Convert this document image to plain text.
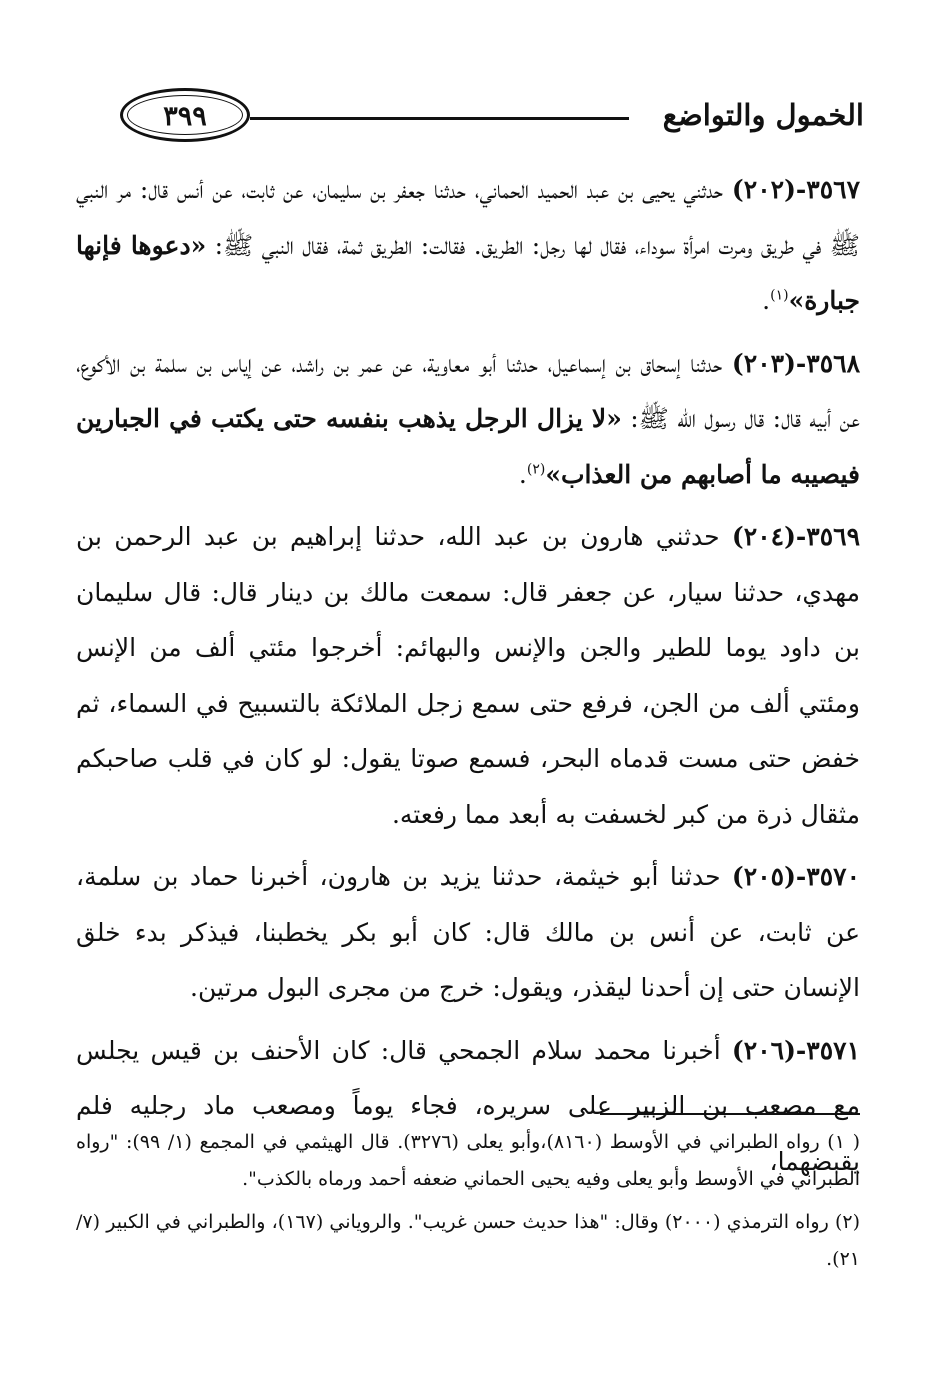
الخمول والتواضع
٣٩٩

٣٥٦٧-(٢٠٢) حدثني يحيى بن عبد الحميد الحماني، حدثنا جعفر بن سليمان، عن ثابت، عن أنس قال: مر النبي ﷺ في طريق ومرت امرأة سوداء، فقال لها رجل: الطريق. فقالت: الطريق ثمة، فقال النبي ﷺ: «دعوها فإنها جبارة»$^{(١)}$.

٣٥٦٨-(٢٠٣) حدثنا إسحاق بن إسماعيل، حدثنا أبو معاوية، عن عمر بن راشد، عن إياس بن سلمة بن الأكوع، عن أبيه قال: قال رسول الله ﷺ: «لا يزال الرجل يذهب بنفسه حتى يكتب في الجبارين فيصيبه ما أصابهم من العذاب»$^{(٢)}$.

٣٥٦٩-(٢٠٤) حدثني هارون بن عبد الله، حدثنا إبراهيم بن عبد الرحمن بن مهدي، حدثنا سيار، عن جعفر قال: سمعت مالك بن دينار قال: قال سليمان بن داود يوما للطير والجن والإنس والبهائم: أخرجوا مئتي ألف من الإنس ومئتي ألف من الجن، فرفع حتى سمع زجل الملائكة بالتسبيح في السماء، ثم خفض حتى مست قدماه البحر، فسمع صوتا يقول: لو كان في قلب صاحبكم مثقال ذرة من كبر لخسفت به أبعد مما رفعته.

٣٥٧٠-(٢٠٥) حدثنا أبو خيثمة، حدثنا يزيد بن هارون، أخبرنا حماد بن سلمة، عن ثابت، عن أنس بن مالك قال: كان أبو بكر يخطبنا، فيذكر بدء خلق الإنسان حتى إن أحدنا ليقذر، ويقول: خرج من مجرى البول مرتين.

٣٥٧١-(٢٠٦) أخبرنا محمد سلام الجمحي قال: كان الأحنف بن قيس يجلس مع مصعب بن الزبير على سريره، فجاء يوماً ومصعب ماد رجليه فلم يقبضهما،

( ١) رواه الطبراني في الأوسط (٨١٦٠)،وأبو يعلى (٣٢٧٦). قال الهيثمي في المجمع (١/ ٩٩): "رواه الطبراني في الأوسط وأبو يعلى وفيه يحيى الحماني ضعفه أحمد ورماه بالكذب".

(٢) رواه الترمذي (٢٠٠٠) وقال: "هذا حديث حسن غريب". والروياني (١٦٧)، والطبراني في الكبير (٧/ ٢١).
